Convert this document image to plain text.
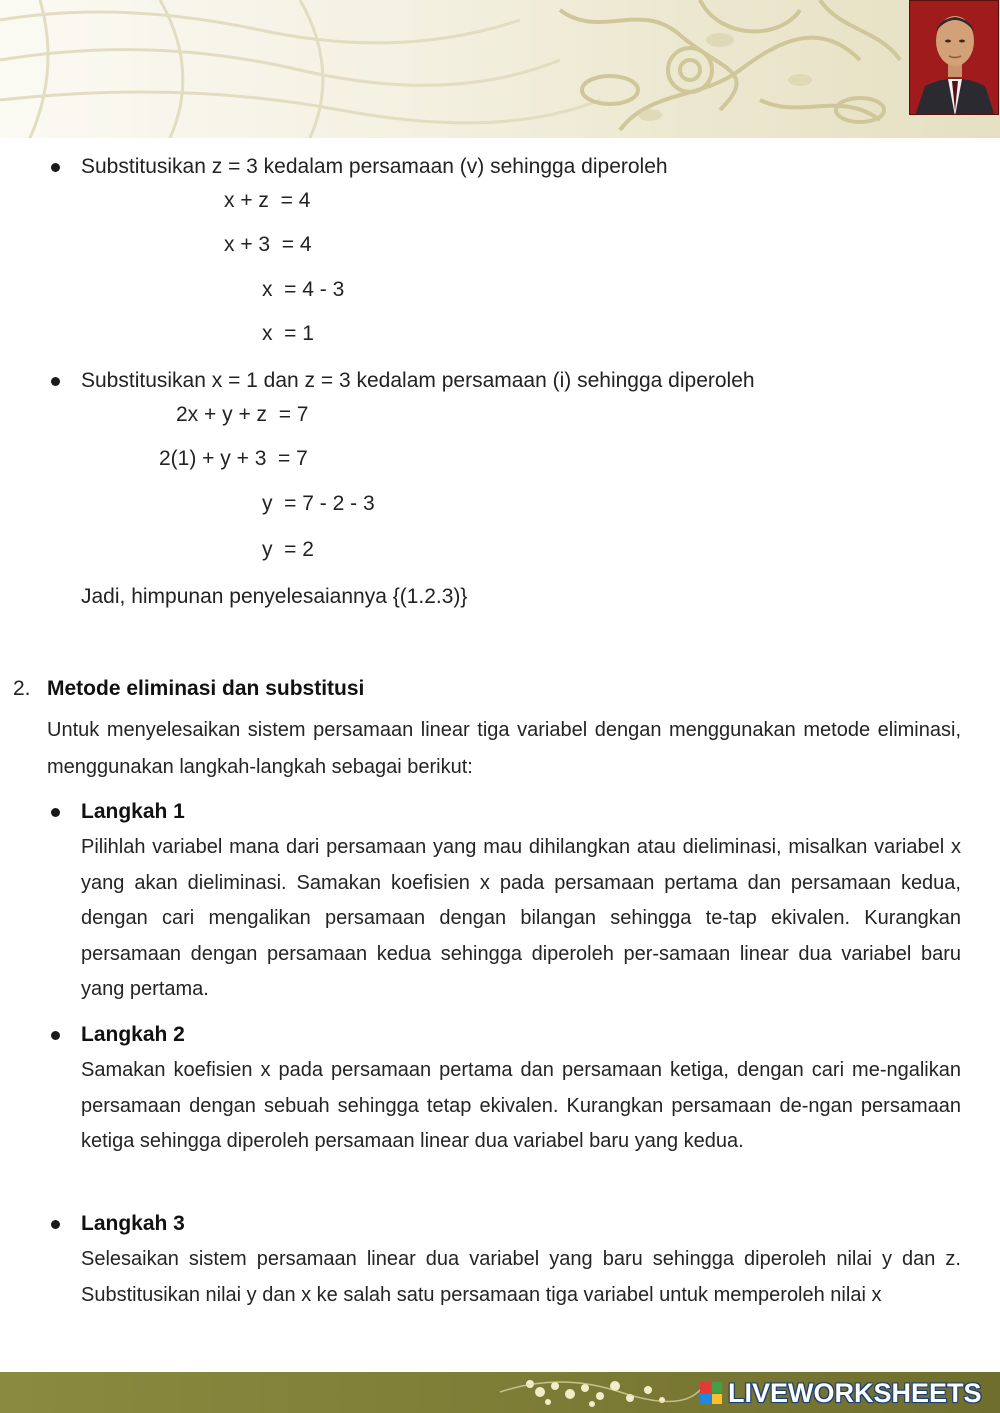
Substitusikan z = 3 kedalam persamaan (v) sehingga diperoleh
x + z  = 4
x + 3  = 4
x  = 4 - 3
x  = 1
Substitusikan x = 1 dan z = 3 kedalam persamaan (i) sehingga diperoleh
2x + y + z  = 7
2(1) + y + 3  = 7
y  = 7 - 2 - 3
y  = 2
Jadi, himpunan penyelesaiannya {(1.2.3)}
2. Metode eliminasi dan substitusi
Untuk menyelesaikan sistem persamaan linear tiga variabel dengan menggunakan metode eliminasi, menggunakan langkah-langkah sebagai berikut:
Langkah 1
Pilihlah variabel mana dari persamaan yang mau dihilangkan atau dieliminasi, misalkan variabel x yang akan dieliminasi. Samakan koefisien x pada persamaan pertama dan persamaan kedua, dengan cari mengalikan persamaan dengan bilangan sehingga te-tap ekivalen. Kurangkan persamaan dengan persamaan kedua sehingga diperoleh per-samaan linear dua variabel baru yang pertama.
Langkah 2
Samakan koefisien x pada persamaan pertama dan persamaan ketiga, dengan cari me-ngalikan persamaan dengan sebuah sehingga tetap ekivalen. Kurangkan persamaan de-ngan persamaan ketiga sehingga diperoleh persamaan linear dua variabel baru yang kedua.
Langkah 3
Selesaikan sistem persamaan linear dua variabel yang baru sehingga diperoleh nilai y dan z. Substitusikan nilai y dan x ke salah satu persamaan tiga variabel untuk memperoleh nilai x
LIVEWORKSHEETS
